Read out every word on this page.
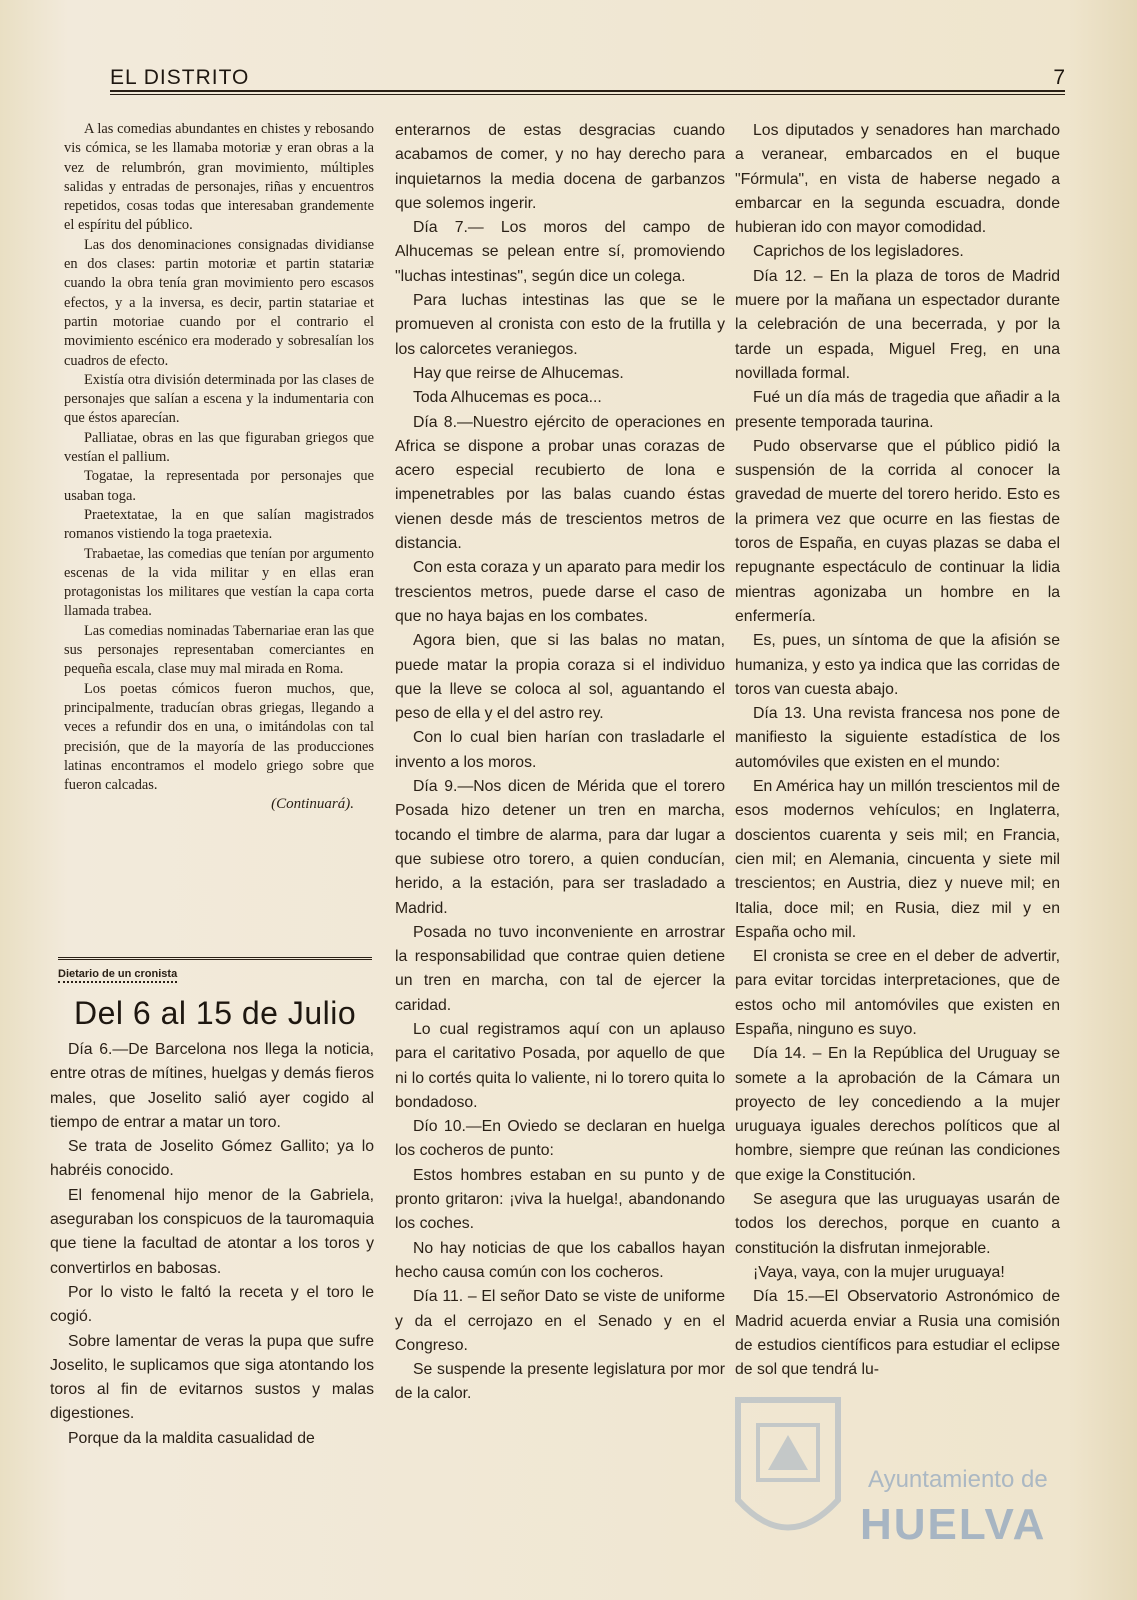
EL DISTRITO	7

A las comedias abundantes en chistes y rebosando vis cómica, se les llamaba motoriæ y eran obras a la vez de relumbrón, gran movimiento, múltiples salidas y entradas de personajes, riñas y encuentros repetidos, cosas todas que interesaban grandemente el espíritu del público.

Las dos denominaciones consignadas dividianse en dos clases: partin motoriæ et partin statariæ cuando la obra tenía gran movimiento pero escasos efectos, y a la inversa, es decir, partin statariae et partin motoriae cuando por el contrario el movimiento escénico era moderado y sobresalían los cuadros de efecto.

Existía otra división determinada por las clases de personajes que salían a escena y la indumentaria con que éstos aparecían.

Palliatae, obras en las que figuraban griegos que vestían el pallium.

Togatae, la representada por personajes que usaban toga.

Praetextatae, la en que salían magistrados romanos vistiendo la toga praetexia.

Trabaetae, las comedias que tenían por argumento escenas de la vida militar y en ellas eran protagonistas los militares que vestían la capa corta llamada trabea.

Las comedias nominadas Tabernariae eran las que sus personajes representaban comerciantes en pequeña escala, clase muy mal mirada en Roma.

Los poetas cómicos fueron muchos, que, principalmente, traducían obras griegas, llegando a veces a refundir dos en una, o imitándolas con tal precisión, que de la mayoría de las producciones latinas encontramos el modelo griego sobre que fueron calcadas.

(Continuará).

Dietario de un cronista
Del 6 al 15 de Julio

Día 6.—De Barcelona nos llega la noticia, entre otras de mítines, huelgas y demás fieros males, que Joselito salió ayer cogido al tiempo de entrar a matar un toro.

Se trata de Joselito Gómez Gallito; ya lo habréis conocido.

El fenomenal hijo menor de la Gabriela, aseguraban los conspicuos de la tauromaquia que tiene la facultad de atontar a los toros y convertirlos en babosas.

Por lo visto le faltó la receta y el toro le cogió.

Sobre lamentar de veras la pupa que sufre Joselito, le suplicamos que siga atontando los toros al fin de evitarnos sustos y malas digestiones.

Porque da la maldita casualidad de

enterarnos de estas desgracias cuando acabamos de comer, y no hay derecho para inquietarnos la media docena de garbanzos que solemos ingerir.

Día 7.— Los moros del campo de Alhucemas se pelean entre sí, promoviendo "luchas intestinas", según dice un colega.

Para luchas intestinas las que se le promueven al cronista con esto de la frutilla y los calorcetes veraniegos.

Hay que reirse de Alhucemas.

Toda Alhucemas es poca...

Día 8.—Nuestro ejército de operaciones en Africa se dispone a probar unas corazas de acero especial recubierto de lona e impenetrables por las balas cuando éstas vienen desde más de trescientos metros de distancia.

Con esta coraza y un aparato para medir los trescientos metros, puede darse el caso de que no haya bajas en los combates.

Agora bien, que si las balas no matan, puede matar la propia coraza si el individuo que la lleve se coloca al sol, aguantando el peso de ella y el del astro rey.

Con lo cual bien harían con trasladarle el invento a los moros.

Día 9.—Nos dicen de Mérida que el torero Posada hizo detener un tren en marcha, tocando el timbre de alarma, para dar lugar a que subiese otro torero, a quien conducían, herido, a la estación, para ser trasladado a Madrid.

Posada no tuvo inconveniente en arrostrar la responsabilidad que contrae quien detiene un tren en marcha, con tal de ejercer la caridad.

Lo cual registramos aquí con un aplauso para el caritativo Posada, por aquello de que ni lo cortés quita lo valiente, ni lo torero quita lo bondadoso.

Dío 10.—En Oviedo se declaran en huelga los cocheros de punto:

Estos hombres estaban en su punto y de pronto gritaron: ¡viva la huelga!, abandonando los coches.

No hay noticias de que los caballos hayan hecho causa común con los cocheros.

Día 11. – El señor Dato se viste de uniforme y da el cerrojazo en el Senado y en el Congreso.

Se suspende la presente legislatura por mor de la calor.

Los diputados y senadores han marchado a veranear, embarcados en el buque "Fórmula", en vista de haberse negado a embarcar en la segunda escuadra, donde hubieran ido con mayor comodidad.

Caprichos de los legisladores.

Día 12. – En la plaza de toros de Madrid muere por la mañana un espectador durante la celebración de una becerrada, y por la tarde un espada, Miguel Freg, en una novillada formal.

Fué un día más de tragedia que añadir a la presente temporada taurina.

Pudo observarse que el público pidió la suspensión de la corrida al conocer la gravedad de muerte del torero herido. Esto es la primera vez que ocurre en las fiestas de toros de España, en cuyas plazas se daba el repugnante espectáculo de continuar la lidia mientras agonizaba un hombre en la enfermería.

Es, pues, un síntoma de que la afisión se humaniza, y esto ya indica que las corridas de toros van cuesta abajo.

Día 13. Una revista francesa nos pone de manifiesto la siguiente estadística de los automóviles que existen en el mundo:

En América hay un millón trescientos mil de esos modernos vehículos; en Inglaterra, doscientos cuarenta y seis mil; en Francia, cien mil; en Alemania, cincuenta y siete mil trescientos; en Austria, diez y nueve mil; en Italia, doce mil; en Rusia, diez mil y en España ocho mil.

El cronista se cree en el deber de advertir, para evitar torcidas interpretaciones, que de estos ocho mil antomóviles que existen en España, ninguno es suyo.

Día 14. – En la República del Uruguay se somete a la aprobación de la Cámara un proyecto de ley concediendo a la mujer uruguaya iguales derechos políticos que al hombre, siempre que reúnan las condiciones que exige la Constitución.

Se asegura que las uruguayas usarán de todos los derechos, porque en cuanto a constitución la disfrutan inmejorable.

¡Vaya, vaya, con la mujer uruguaya!

Día 15.—El Observatorio Astronómico de Madrid acuerda enviar a Rusia una comisión de estudios científicos para estudiar el eclipse de sol que tendrá lu-

Ayuntamiento de
HUELVA
